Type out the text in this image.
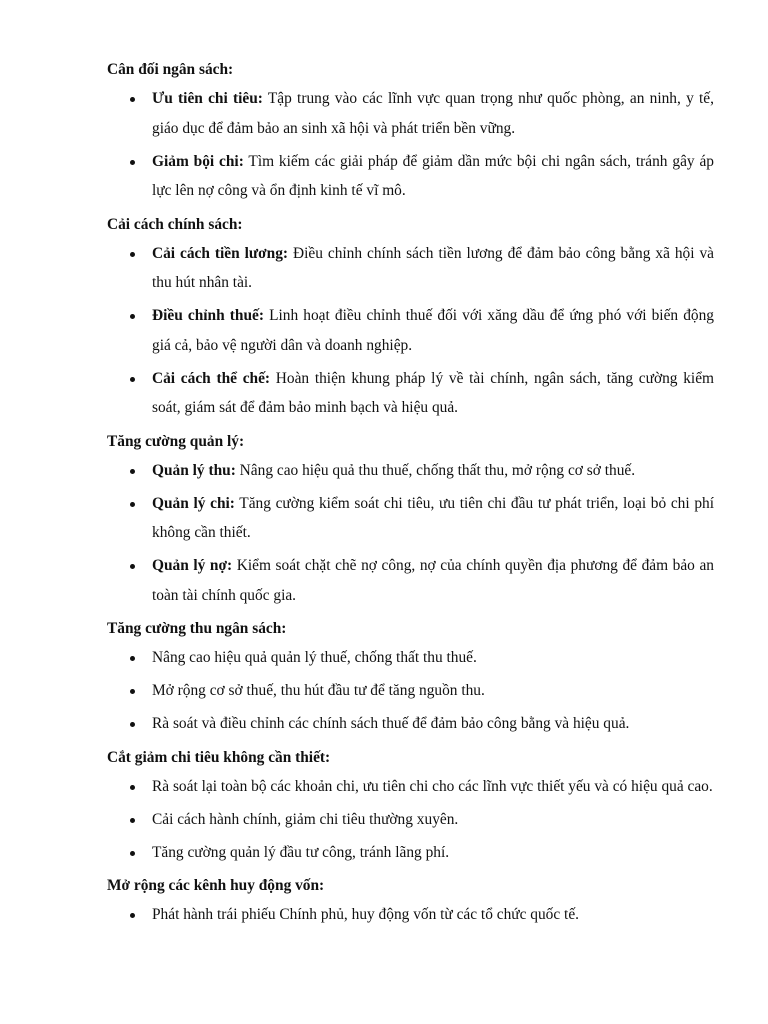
Cân đối ngân sách:

Ưu tiên chi tiêu: Tập trung vào các lĩnh vực quan trọng như quốc phòng, an ninh, y tế, giáo dục để đảm bảo an sinh xã hội và phát triển bền vững.
Giảm bội chi: Tìm kiếm các giải pháp để giảm dần mức bội chi ngân sách, tránh gây áp lực lên nợ công và ổn định kinh tế vĩ mô.

Cải cách chính sách:

Cải cách tiền lương: Điều chỉnh chính sách tiền lương để đảm bảo công bằng xã hội và thu hút nhân tài.
Điều chỉnh thuế: Linh hoạt điều chỉnh thuế đối với xăng dầu để ứng phó với biến động giá cả, bảo vệ người dân và doanh nghiệp.
Cải cách thể chế: Hoàn thiện khung pháp lý về tài chính, ngân sách, tăng cường kiểm soát, giám sát để đảm bảo minh bạch và hiệu quả.

Tăng cường quản lý:

Quản lý thu: Nâng cao hiệu quả thu thuế, chống thất thu, mở rộng cơ sở thuế.
Quản lý chi: Tăng cường kiểm soát chi tiêu, ưu tiên chi đầu tư phát triển, loại bỏ chi phí không cần thiết.
Quản lý nợ: Kiểm soát chặt chẽ nợ công, nợ của chính quyền địa phương để đảm bảo an toàn tài chính quốc gia.

Tăng cường thu ngân sách:

Nâng cao hiệu quả quản lý thuế, chống thất thu thuế.
Mở rộng cơ sở thuế, thu hút đầu tư để tăng nguồn thu.
Rà soát và điều chỉnh các chính sách thuế để đảm bảo công bằng và hiệu quả.

Cắt giảm chi tiêu không cần thiết:

Rà soát lại toàn bộ các khoản chi, ưu tiên chi cho các lĩnh vực thiết yếu và có hiệu quả cao.
Cải cách hành chính, giảm chi tiêu thường xuyên.
Tăng cường quản lý đầu tư công, tránh lãng phí.

Mở rộng các kênh huy động vốn:

Phát hành trái phiếu Chính phủ, huy động vốn từ các tổ chức quốc tế.
